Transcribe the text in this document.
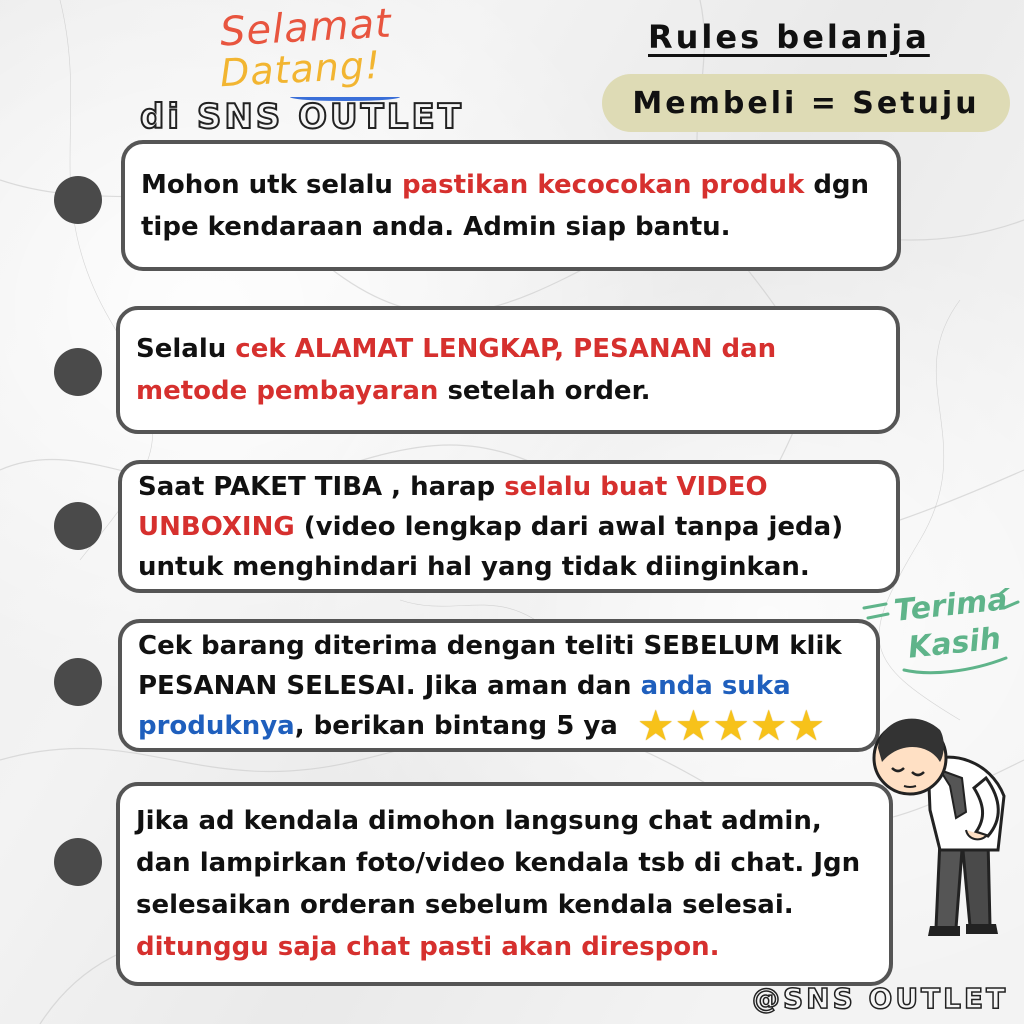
Selamat
Datang!
di SNS OUTLET
Rules belanja
Membeli = Setuju

Mohon utk selalu pastikan kecocokan produk dgn tipe kendaraan anda. Admin siap bantu.

Selalu cek ALAMAT LENGKAP, PESANAN dan metode pembayaran setelah order.

Saat PAKET TIBA , harap selalu buat VIDEO UNBOXING (video lengkap dari awal tanpa jeda) untuk menghindari hal yang tidak diinginkan.

Cek barang diterima dengan teliti SEBELUM klik PESANAN SELESAI. Jika aman dan anda suka produknya, berikan bintang 5 ya ★★★★★

Jika ad kendala dimohon langsung chat admin, dan lampirkan foto/video kendala tsb di chat. Jgn selesaikan orderan sebelum kendala selesai. ditunggu saja chat pasti akan direspon.

Terima
Kasih
@SNS OUTLET
